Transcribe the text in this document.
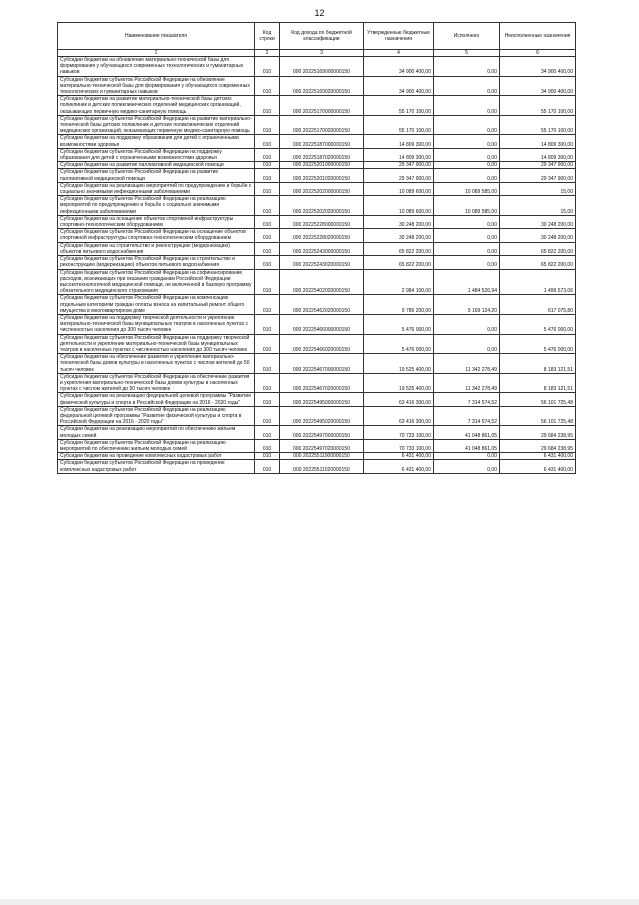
12
Наименование показателя	Код строки	Код дохода по бюджетной классификации	Утвержденные бюджетные назначения	Исполнено	Неисполненные назначения
1	2	3	4	5	6
Субсидии бюджетам на обновление материально-технической базы для формирования у обучающихся современных технологических и гуманитарных навыков	010	000 20225169000000150	34 900 400,00	0,00	34 900 400,00
Субсидии бюджетам субъектов Российской Федерации на обновление материально-технической базы для формирования у обучающихся современных технологических и гуманитарных навыков	010	000 20225169020000150	34 900 400,00	0,00	34 900 400,00
Субсидии бюджетам на развитие материально-технической базы детских поликлиник и детских поликлинических отделений медицинских организаций, оказывающих первичную медико-санитарную помощь	010	000 20225170000000150	55 170 100,00	0,00	55 170 100,00
Субсидии бюджетам субъектов Российской Федерации на развитие материально-технической базы детских поликлиник и детских поликлинических отделений медицинских организаций, оказывающих первичную медико-санитарную помощь	010	000 20225170020000150	55 170 100,00	0,00	55 170 100,00
Субсидии бюджетам на поддержку образования для детей с ограниченными возможностями здоровья	010	000 20225187000000150	14 809 300,00	0,00	14 809 300,00
Субсидии бюджетам субъектов Российской Федерации на поддержку образования для детей с ограниченными возможностями здоровья	010	000 20225187020000150	14 809 300,00	0,00	14 809 300,00
Субсидии бюджетам на развитие паллиативной медицинской помощи	010	000 20225201000000150	29 347 900,00	0,00	29 347 900,00
Субсидии бюджетам субъектов Российской Федерации на развитие паллиативной медицинской помощи	010	000 20225201020000150	29 347 900,00	0,00	29 347 900,00
Субсидии бюджетам на реализацию мероприятий по предупреждению и борьбе с социально значимыми инфекционными заболеваниями	010	000 20225202000000150	10 089 600,00	10 089 585,00	15,00
Субсидии бюджетам субъектов Российской Федерации на реализацию мероприятий по предупреждению и борьбе с социально значимыми инфекционными заболеваниями	010	000 20225202020000150	10 089 600,00	10 089 585,00	15,00
Субсидии бюджетам на оснащение объектов спортивной инфраструктуры спортивно-технологическим оборудованием	010	000 20225228000000150	30 248 200,00	0,00	30 248 200,00
Субсидии бюджетам субъектов Российской Федерации на оснащение объектов спортивной инфраструктуры спортивно-технологическим оборудованием	010	000 20225228020000150	30 248 200,00	0,00	30 248 200,00
Субсидии бюджетам на строительство и реконструкцию (модернизацию) объектов питьевого водоснабжения	010	000 20225243000000150	65 822 200,00	0,00	65 822 200,00
Субсидии бюджетам субъектов Российской Федерации на строительство и реконструкцию (модернизацию) объектов питьевого водоснабжения	010	000 20225243020000150	65 822 200,00	0,00	65 822 200,00
Субсидии бюджетам субъектов Российской Федерации на софинансирование расходов, возникающих при оказании гражданам Российской Федерации высокотехнологичной медицинской помощи, не включенной в базовую программу обязательного медицинского страхования	010	000 20225402020000150	2 984 100,00	1 484 526,94	1 499 573,06
Субсидии бюджетам субъектов Российской Федерации на компенсацию отдельным категориям граждан оплаты взноса на капитальный ремонт общего имущества в многоквартирном доме	010	000 20225462020000150	9 786 200,00	9 169 124,20	617 075,80
Субсидии бюджетам на поддержку творческой деятельности и укрепление материально-технической базы муниципальных театров в населенных пунктах с численностью населения до 300 тысяч человек	010	000 20225466000000150	5 476 000,00	0,00	5 476 000,00
Субсидии бюджетам субъектов Российской Федерации на поддержку творческой деятельности и укрепление материально-технической базы муниципальных театров в населенных пунктах с численностью населения до 300 тысяч человек	010	000 20225466020000150	5 476 000,00	0,00	5 476 000,00
Субсидии бюджетам на обеспечение развития и укрепления материально-технической базы домов культуры в населенных пунктах с числом жителей до 50 тысяч человек	010	000 20225467000000150	19 525 400,00	11 342 278,49	8 183 121,51
Субсидии бюджетам субъектов Российской Федерации на обеспечение развития и укрепления материально-технической базы домов культуры в населенных пунктах с числом жителей до 50 тысяч человек	010	000 20225467020000150	19 525 400,00	11 342 278,49	8 183 121,51
Субсидии бюджетам на реализацию федеральной целевой программы "Развитие физической культуры и спорта в Российской Федерации на 2016 - 2020 годы"	010	000 20225495000000150	63 416 300,00	7 314 574,52	56 101 725,48
Субсидии бюджетам субъектов Российской Федерации на реализацию федеральной целевой программы "Развитие физической культуры и спорта в Российской Федерации на 2016 - 2020 годы"	010	000 20225495020000150	63 416 300,00	7 314 574,52	56 101 725,48
Субсидии бюджетам на реализацию мероприятий по обеспечению жильем молодых семей	010	000 20225497000000150	70 733 100,00	41 048 861,05	29 684 238,95
Субсидии бюджетам субъектов Российской Федерации на реализацию мероприятий по обеспечению жильем молодых семей	010	000 20225497020000150	70 733 100,00	41 048 861,05	29 684 238,95
Субсидии бюджетам на проведение комплексных кадастровых работ	010	000 20225511000000150	6 431 400,00	0,00	6 431 400,00
Субсидии бюджетам субъектов Российской Федерации на проведение комплексных кадастровых работ	010	000 20225511020000150	6 431 400,00	0,00	6 431 400,00
